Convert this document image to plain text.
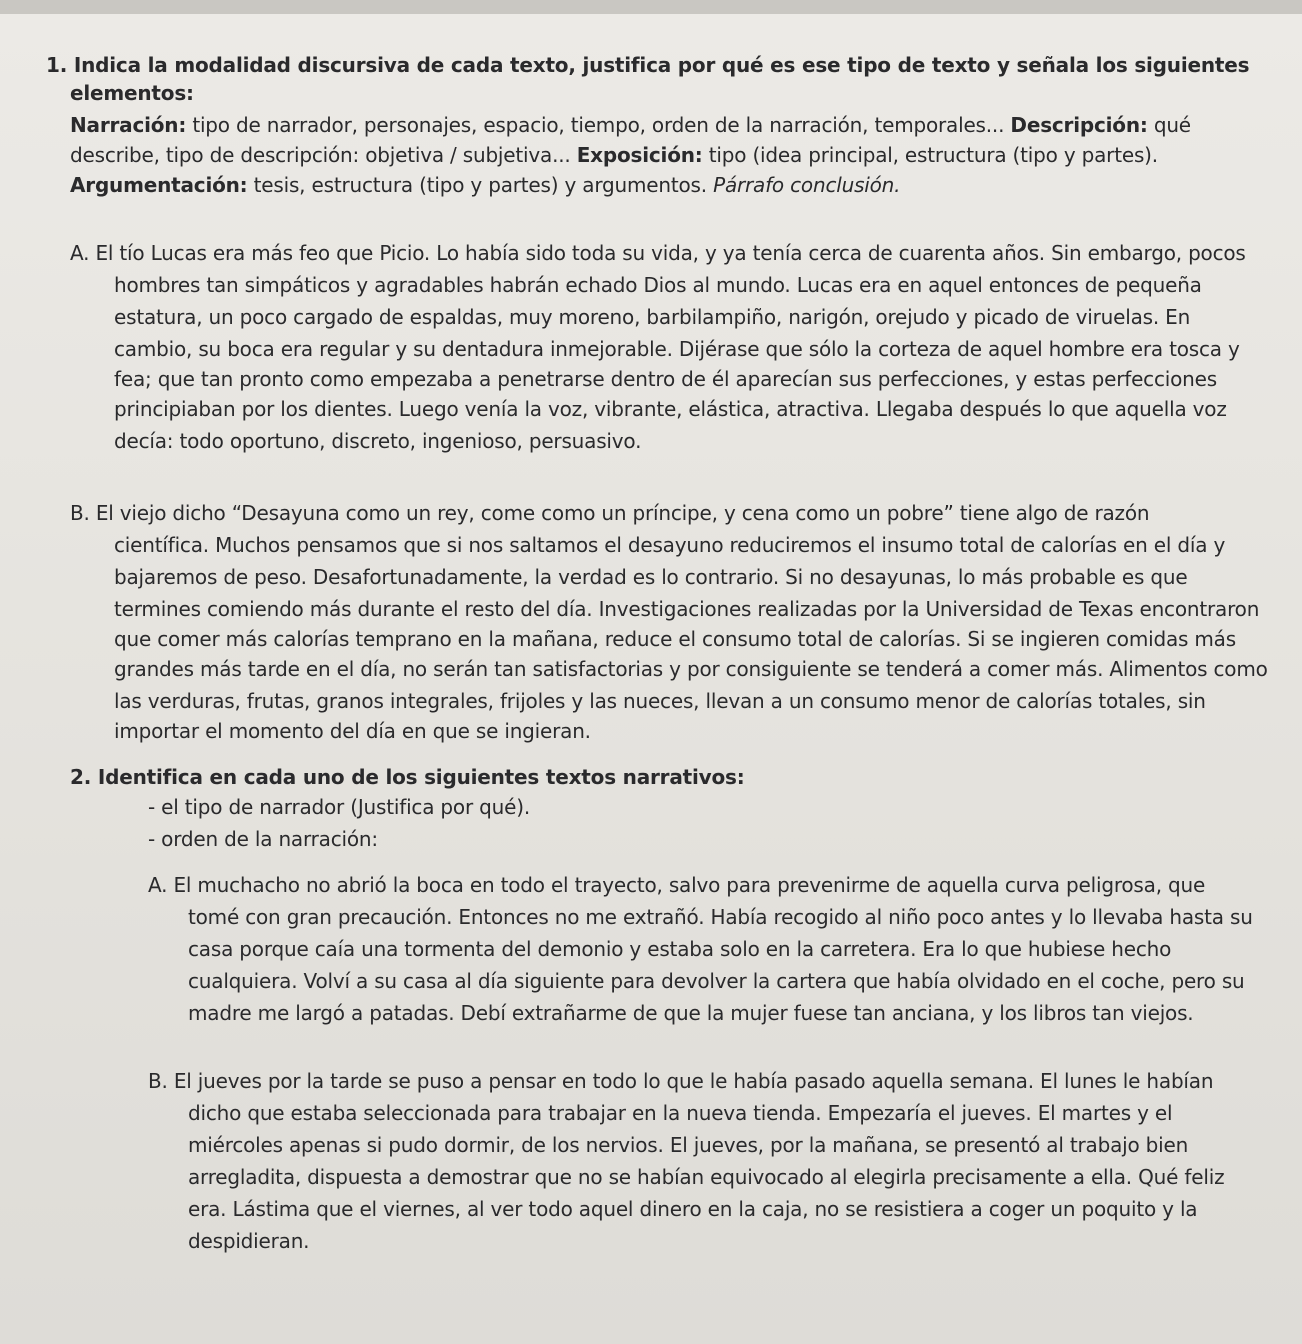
1. Indica la modalidad discursiva de cada texto, justifica por qué es ese tipo de texto y señala los siguientes
elementos:
Narración: tipo de narrador, personajes, espacio, tiempo, orden de la narración, temporales... Descripción: qué
describe, tipo de descripción: objetiva / subjetiva... Exposición: tipo (idea principal, estructura (tipo y partes).
Argumentación: tesis, estructura (tipo y partes) y argumentos. Párrafo conclusión.
A. El tío Lucas era más feo que Picio. Lo había sido toda su vida, y ya tenía cerca de cuarenta años. Sin embargo, pocos
hombres tan simpáticos y agradables habrán echado Dios al mundo. Lucas era en aquel entonces de pequeña
estatura, un poco cargado de espaldas, muy moreno, barbilampiño, narigón, orejudo y picado de viruelas. En
cambio, su boca era regular y su dentadura inmejorable. Dijérase que sólo la corteza de aquel hombre era tosca y
fea; que tan pronto como empezaba a penetrarse dentro de él aparecían sus perfecciones, y estas perfecciones
principiaban por los dientes. Luego venía la voz, vibrante, elástica, atractiva. Llegaba después lo que aquella voz
decía: todo oportuno, discreto, ingenioso, persuasivo.
B. El viejo dicho “Desayuna como un rey, come como un príncipe, y cena como un pobre” tiene algo de razón
científica. Muchos pensamos que si nos saltamos el desayuno reduciremos el insumo total de calorías en el día y
bajaremos de peso. Desafortunadamente, la verdad es lo contrario. Si no desayunas, lo más probable es que
termines comiendo más durante el resto del día. Investigaciones realizadas por la Universidad de Texas encontraron
que comer más calorías temprano en la mañana, reduce el consumo total de calorías. Si se ingieren comidas más
grandes más tarde en el día, no serán tan satisfactorias y por consiguiente se tenderá a comer más. Alimentos como
las verduras, frutas, granos integrales, frijoles y las nueces, llevan a un consumo menor de calorías totales, sin
importar el momento del día en que se ingieran.
2. Identifica en cada uno de los siguientes textos narrativos:
- el tipo de narrador (Justifica por qué).
- orden de la narración:
A. El muchacho no abrió la boca en todo el trayecto, salvo para prevenirme de aquella curva peligrosa, que
tomé con gran precaución. Entonces no me extrañó. Había recogido al niño poco antes y lo llevaba hasta su
casa porque caía una tormenta del demonio y estaba solo en la carretera. Era lo que hubiese hecho
cualquiera. Volví a su casa al día siguiente para devolver la cartera que había olvidado en el coche, pero su
madre me largó a patadas. Debí extrañarme de que la mujer fuese tan anciana, y los libros tan viejos.
B. El jueves por la tarde se puso a pensar en todo lo que le había pasado aquella semana. El lunes le habían
dicho que estaba seleccionada para trabajar en la nueva tienda. Empezaría el jueves. El martes y el
miércoles apenas si pudo dormir, de los nervios. El jueves, por la mañana, se presentó al trabajo bien
arregladita, dispuesta a demostrar que no se habían equivocado al elegirla precisamente a ella. Qué feliz
era. Lástima que el viernes, al ver todo aquel dinero en la caja, no se resistiera a coger un poquito y la
despidieran.
